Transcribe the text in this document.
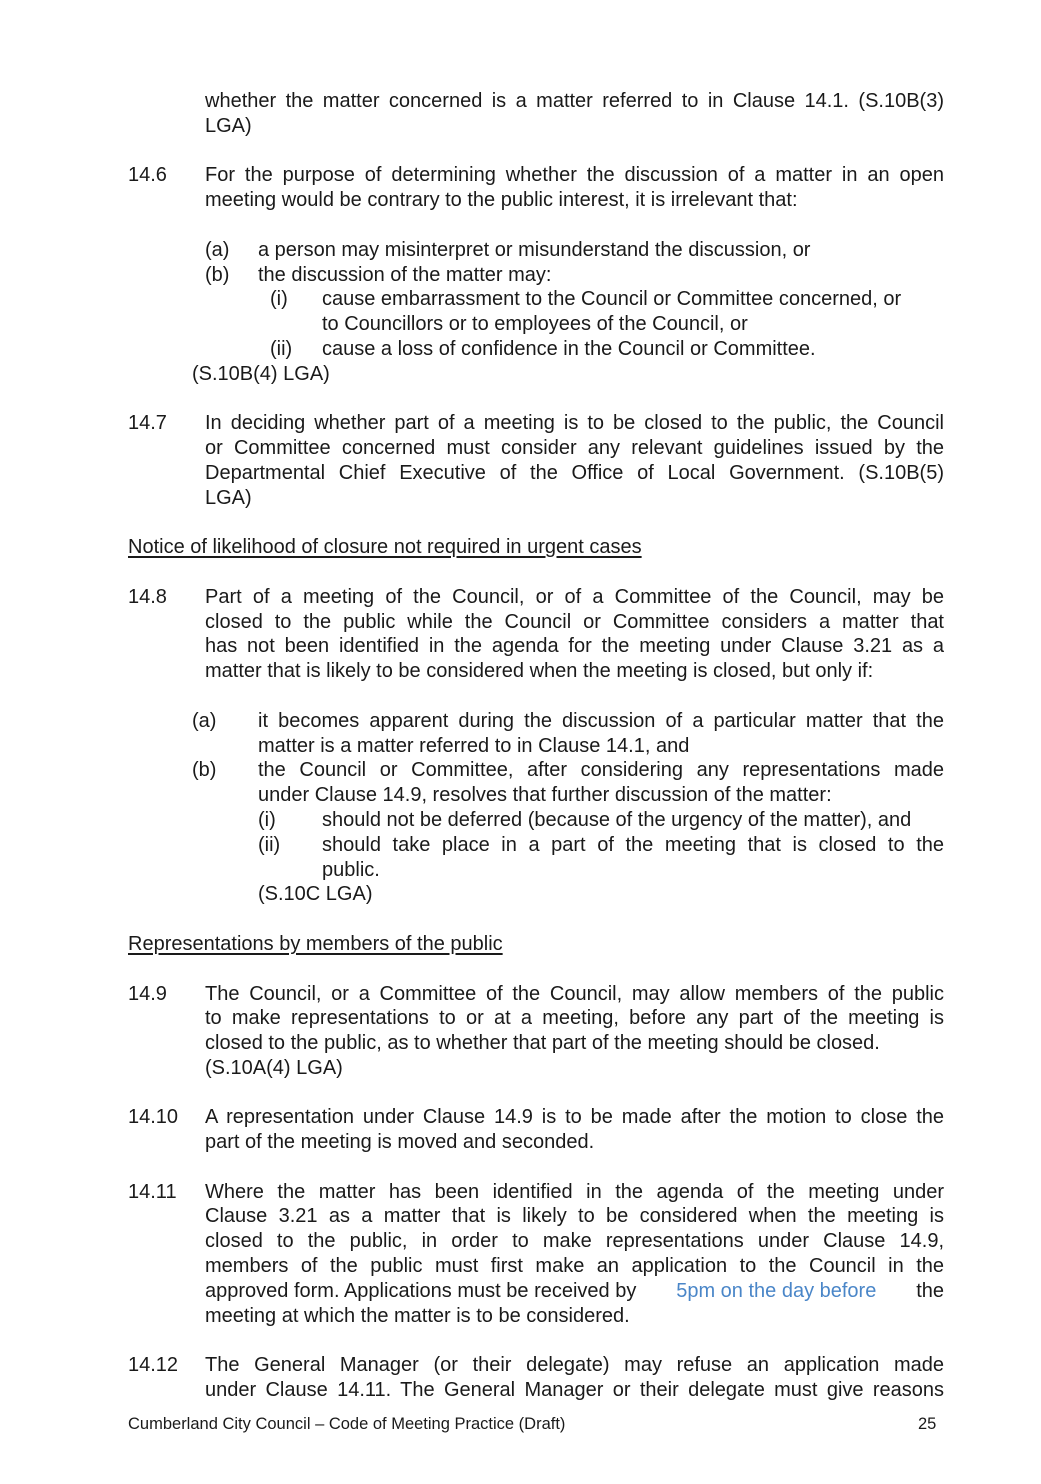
whether the matter concerned is a matter referred to in Clause 14.1. (S.10B(3)
LGA)
14.6 For the purpose of determining whether the discussion of a matter in an open
meeting would be contrary to the public interest, it is irrelevant that:
(a) a person may misinterpret or misunderstand the discussion, or
(b) the discussion of the matter may:
(i) cause embarrassment to the Council or Committee concerned, or
to Councillors or to employees of the Council, or
(ii) cause a loss of confidence in the Council or Committee.
(S.10B(4) LGA)
14.7 In deciding whether part of a meeting is to be closed to the public, the Council
or Committee concerned must consider any relevant guidelines issued by the
Departmental Chief Executive of the Office of Local Government. (S.10B(5)
LGA)
Notice of likelihood of closure not required in urgent cases
14.8 Part of a meeting of the Council, or of a Committee of the Council, may be
closed to the public while the Council or Committee considers a matter that
has not been identified in the agenda for the meeting under Clause 3.21 as a
matter that is likely to be considered when the meeting is closed, but only if:
(a) it becomes apparent during the discussion of a particular matter that the
matter is a matter referred to in Clause 14.1, and
(b) the Council or Committee, after considering any representations made
under Clause 14.9, resolves that further discussion of the matter:
(i) should not be deferred (because of the urgency of the matter), and
(ii) should take place in a part of the meeting that is closed to the
public.
(S.10C LGA)
Representations by members of the public
14.9 The Council, or a Committee of the Council, may allow members of the public
to make representations to or at a meeting, before any part of the meeting is
closed to the public, as to whether that part of the meeting should be closed.
(S.10A(4) LGA)
14.10 A representation under Clause 14.9 is to be made after the motion to close the
part of the meeting is moved and seconded.
14.11 Where the matter has been identified in the agenda of the meeting under
Clause 3.21 as a matter that is likely to be considered when the meeting is
closed to the public, in order to make representations under Clause 14.9,
members of the public must first make an application to the Council in the
approved form. Applications must be received by 5pm on the day before the
meeting at which the matter is to be considered.
14.12 The General Manager (or their delegate) may refuse an application made
under Clause 14.11. The General Manager or their delegate must give reasons
Cumberland City Council – Code of Meeting Practice (Draft)	25
